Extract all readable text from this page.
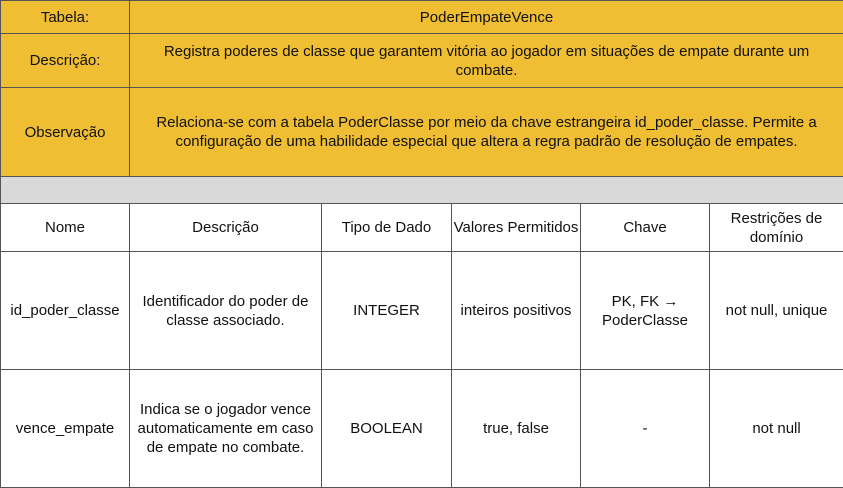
Tabela:	PoderEmpateVence				
Descrição:	Registra poderes de classe que garantem vitória ao jogador em situações de empate durante um combate.				
Observação	Relaciona-se com a tabela PoderClasse por meio da chave estrangeira id_poder_classe. Permite a configuração de uma habilidade especial que altera a regra padrão de resolução de empates.				

Nome	Descrição	Tipo de Dado	Valores Permitidos	Chave	Restrições de domínio
id_poder_classe	Identificador do poder de classe associado.	INTEGER	inteiros positivos	PK, FK → PoderClasse	not null, unique
vence_empate	Indica se o jogador vence automaticamente em caso de empate no combate.	BOOLEAN	true, false	-	not null
